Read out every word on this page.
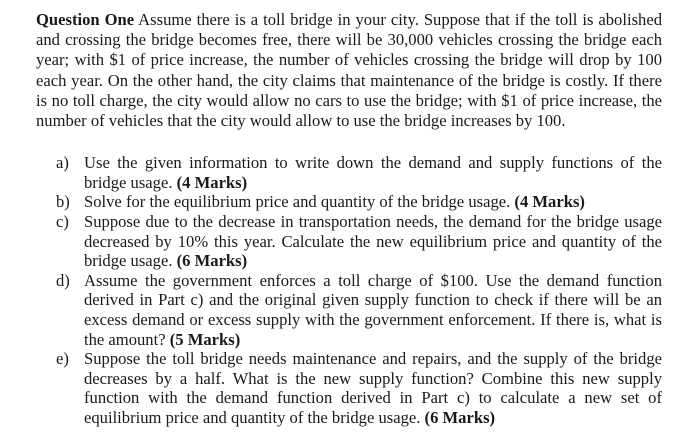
Question One Assume there is a toll bridge in your city. Suppose that if the toll is abolished and crossing the bridge becomes free, there will be 30,000 vehicles crossing the bridge each year; with $1 of price increase, the number of vehicles crossing the bridge will drop by 100 each year. On the other hand, the city claims that maintenance of the bridge is costly. If there is no toll charge, the city would allow no cars to use the bridge; with $1 of price increase, the number of vehicles that the city would allow to use the bridge increases by 100.

a) Use the given information to write down the demand and supply functions of the bridge usage. (4 Marks)
b) Solve for the equilibrium price and quantity of the bridge usage. (4 Marks)
c) Suppose due to the decrease in transportation needs, the demand for the bridge usage decreased by 10% this year. Calculate the new equilibrium price and quantity of the bridge usage. (6 Marks)
d) Assume the government enforces a toll charge of $100. Use the demand function derived in Part c) and the original given supply function to check if there will be an excess demand or excess supply with the government enforcement. If there is, what is the amount? (5 Marks)
e) Suppose the toll bridge needs maintenance and repairs, and the supply of the bridge decreases by a half. What is the new supply function? Combine this new supply function with the demand function derived in Part c) to calculate a new set of equilibrium price and quantity of the bridge usage. (6 Marks)
